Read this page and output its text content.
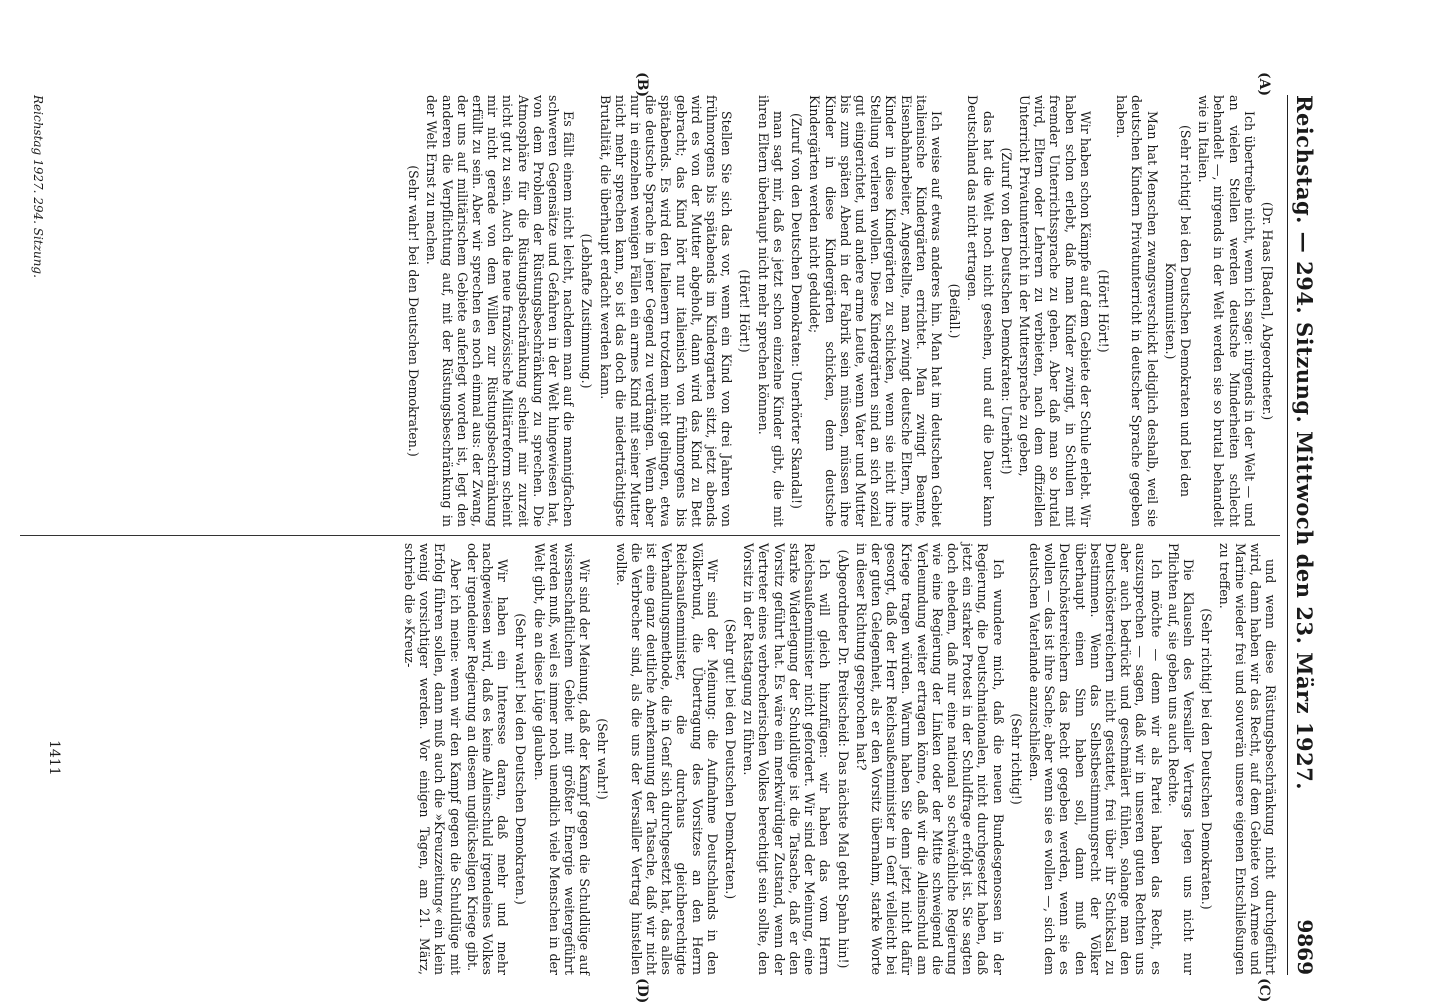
Reichstag. — 294. Sitzung. Mittwoch den 23. März 1927.
9869
(A)
(B)
(C)
(D)

(Dr. Haas [Baden], Abgeordneter.)

Ich übertreibe nicht, wenn ich sage: nirgends in der Welt — und an vielen Stellen werden deutsche Minderheiten schlecht behandelt —, nirgends in der Welt werden sie so brutal behandelt wie in Italien.

(Sehr richtig! bei den Deutschen Demokraten und bei den Kommunisten.)

Man hat Menschen zwangsverschickt lediglich deshalb, weil sie deutschen Kindern Privatunterricht in deutscher Sprache gegeben haben.

(Hört! Hört!)

Wir haben schon Kämpfe auf dem Gebiete der Schule erlebt. Wir haben schon erlebt, daß man Kinder zwingt, in Schulen mit fremder Unterrichtssprache zu gehen. Aber daß man so brutal wird, Eltern oder Lehrern zu verbieten, nach dem offiziellen Unterricht Privatunterricht in der Muttersprache zu geben,

(Zuruf von den Deutschen Demokraten: Unerhört!)

das hat die Welt noch nicht gesehen, und auf die Dauer kann Deutschland das nicht ertragen.

(Beifall.)

Ich weise auf etwas anderes hin. Man hat im deutschen Gebiet italienische Kindergärten errichtet. Man zwingt Beamte, Eisenbahnarbeiter, Angestellte, man zwingt deutsche Eltern, ihre Kinder in diese Kindergärten zu schicken, wenn sie nicht ihre Stellung verlieren wollen. Diese Kindergärten sind an sich sozial gut eingerichtet, und andere arme Leute, wenn Vater und Mutter bis zum späten Abend in der Fabrik sein müssen, müssen ihre Kinder in diese Kindergärten schicken, denn deutsche Kindergärten werden nicht geduldet;

(Zuruf von den Deutschen Demokraten: Unerhörter Skandal!)

man sagt mir, daß es jetzt schon einzelne Kinder gibt, die mit ihren Eltern überhaupt nicht mehr sprechen können.

(Hört! Hört!)

Stellen Sie sich das vor, wenn ein Kind von drei Jahren von frühmorgens bis spätabends im Kindergarten sitzt, jetzt abends wird es von der Mutter abgeholt, dann wird das Kind zu Bett gebracht; das Kind hört nur italienisch von frühmorgens bis spätabends. Es wird den Italienern trotzdem nicht gelingen, etwa die deutsche Sprache in jener Gegend zu verdrängen. Wenn aber nur in einzelnen wenigen Fällen ein armes Kind mit seiner Mutter nicht mehr sprechen kann, so ist das doch die niederträchtigste Brutalität, die überhaupt erdacht werden kann.

(Lebhafte Zustimmung.)

Es fällt einem nicht leicht, nachdem man auf die mannigfachen schweren Gegensätze und Gefahren in der Welt hingewiesen hat, von dem Problem der Rüstungsbeschränkung zu sprechen. Die Atmosphäre für die Rüstungsbeschränkung scheint mir zurzeit nicht gut zu sein. Auch die neue französische Militärreform scheint mir nicht gerade von dem Willen zur Rüstungsbeschränkung erfüllt zu sein. Aber wir sprechen es noch einmal aus: der Zwang, der uns auf militärischem Gebiete auferlegt worden ist, legt den anderen die Verpflichtung auf, mit der Rüstungsbeschränkung in der Welt Ernst zu machen.

(Sehr wahr! bei den Deutschen Demokraten.)

und wenn diese Rüstungsbeschränkung nicht durchgeführt wird, dann haben wir das Recht, auf dem Gebiete von Armee und Marine wieder frei und souverän unsere eigenen Entschließungen zu treffen.

(Sehr richtig! bei den Deutschen Demokraten.)

Die Klauseln des Versailler Vertrags legen uns nicht nur Pflichten auf, sie geben uns auch Rechte.

Ich möchte — denn wir als Partei haben das Recht, es auszusprechen — sagen, daß wir in unseren guten Rechten uns aber auch bedrückt und geschmälert fühlen, solange man den Deutschösterreichern nicht gestattet, frei über ihr Schicksal zu bestimmen. Wenn das Selbstbestimmungsrecht der Völker überhaupt einen Sinn haben soll, dann muß den Deutschösterreichern das Recht gegeben werden, wenn sie es wollen — das ist ihre Sache; aber wenn sie es wollen —, sich dem deutschen Vaterlande anzuschließen.

(Sehr richtig!)

Ich wundere mich, daß die neuen Bundesgenossen in der Regierung, die Deutschnationalen, nicht durchgesetzt haben, daß jetzt ein starker Protest in der Schuldfrage erfolgt ist. Sie sagten doch ehedem, daß nur eine national so schwächliche Regierung wie eine Regierung der Linken oder der Mitte schweigend die Verleumdung weiter ertragen könne, daß wir die Alleinschuld am Kriege tragen würden. Warum haben Sie denn jetzt nicht dafür gesorgt, daß der Herr Reichsaußenminister in Genf vielleicht bei der guten Gelegenheit, als er den Vorsitz übernahm, starke Worte in dieser Richtung gesprochen hat?

(Abgeordneter Dr. Breitscheid: Das nächste Mal geht Spahn hin!)

Ich will gleich hinzufügen: wir haben das vom Herrn Reichsaußenminister nicht gefordert. Wir sind der Meinung, eine starke Widerlegung der Schuldlüge ist die Tatsache, daß er den Vorsitz geführt hat. Es wäre ein merkwürdiger Zustand, wenn der Vertreter eines verbrecherischen Volkes berechtigt sein sollte, den Vorsitz in der Ratstagung zu führen.

(Sehr gut! bei den Deutschen Demokraten.)

Wir sind der Meinung: die Aufnahme Deutschlands in den Völkerbund, die Übertragung des Vorsitzes an den Herrn Reichsaußenminister, die durchaus gleichberechtigte Verhandlungsmethode, die in Genf sich durchgesetzt hat, das alles ist eine ganz deutliche Anerkennung der Tatsache, daß wir nicht die Verbrecher sind, als die uns der Versailler Vertrag hinstellen wollte.

(Sehr wahr!)

Wir sind der Meinung, daß der Kampf gegen die Schuldlüge auf wissenschaftlichem Gebiet mit größter Energie weitergeführt werden muß, weil es immer noch unendlich viele Menschen in der Welt gibt, die an diese Lüge glauben.

(Sehr wahr! bei den Deutschen Demokraten.)

Wir haben ein Interesse daran, daß mehr und mehr nachgewiesen wird, daß es keine Alleinschuld irgendeines Volkes oder irgendeiner Regierung an diesem unglückseligen Kriege gibt.

Aber ich meine: wenn wir den Kampf gegen die Schuldlüge mit Erfolg führen sollen, dann muß auch die »Kreuzzeitung« ein klein wenig vorsichtiger werden. Vor einigen Tagen, am 21. März, schrieb die »Kreuz-

Reichstag 1927. 294. Sitzung.
1411
